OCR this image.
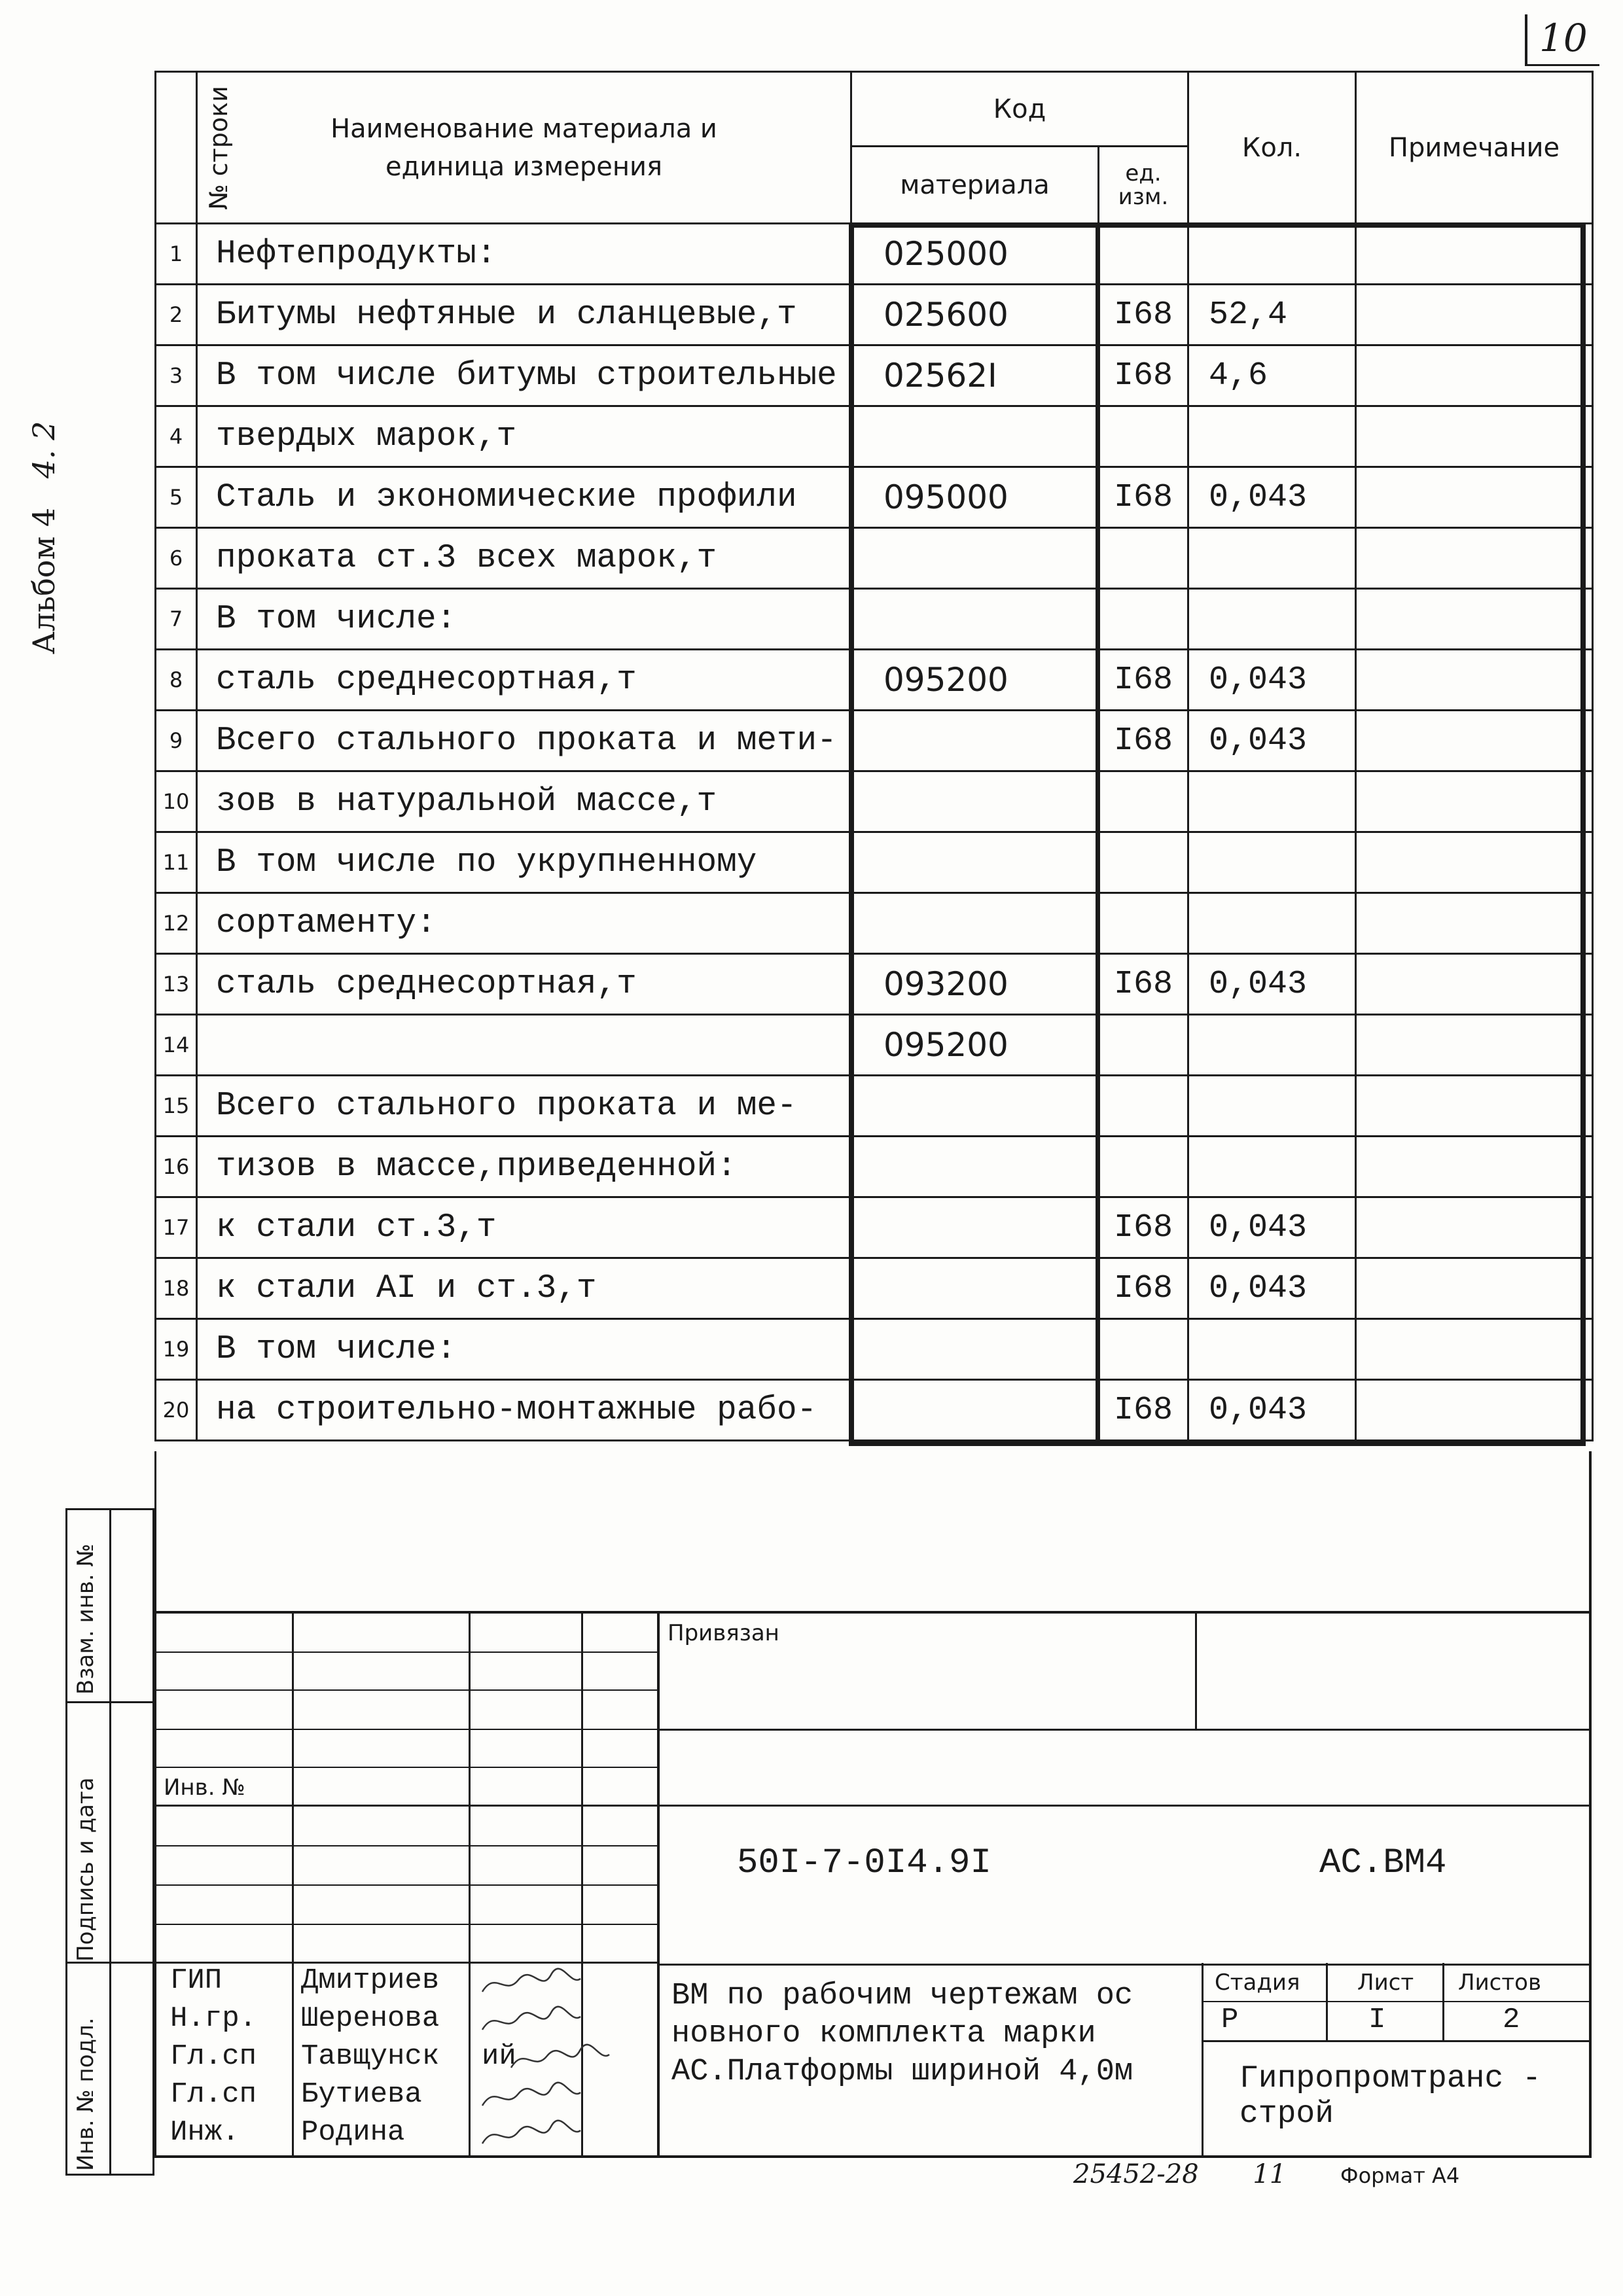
10
Альбом 4 4. 2
№ строки	Наименование материала и
единица измерения	Код		Кол.	Примечание
		материала	ед.
изм.		

1	Нефтепродукты:	025000			
2	Битумы нефтяные и сланцевые,т	025600	I68	52,4	
3	В том числе битумы строительные	02562I	I68	4,6	
4	твердых марок,т				
5	Сталь и экономические профили	095000	I68	0,043	
6	проката ст.3 всех марок,т				
7	В том числе:				
8	сталь среднесортная,т	095200	I68	0,043	
9	Всего стального проката и мети-		I68	0,043	
10	зов в натуральной массе,т				
11	В том числе по укрупненному				
12	сортаменту:				
13	сталь среднесортная,т	093200	I68	0,043	
14		095200			
15	Всего стального проката и ме-				
16	тизов в массе,приведенной:				
17	к стали ст.3,т		I68	0,043	
18	к стали AI и ст.3,т		I68	0,043	
19	В том числе:				
20	на строительно-монтажные рабо-		I68	0,043	
Взам. инв. №
Подпись и дата
Инв. № подл.
Инв. №
Привязан
50I-7-0I4.9I	АС.ВМ4
ВМ по рабочим чертежам ос
новного комплекта марки
АС.Платформы шириной 4,0м
Стадия	Лист Листов
Р	I	2
Гипропромтранс -
строй
ГИП	Дмитриев
Н.гр. Шеренова
Гл.сп Тавщунск ий
Гл.сп Бутиева
Инж. Родина
25452-28 11	Формат А4
